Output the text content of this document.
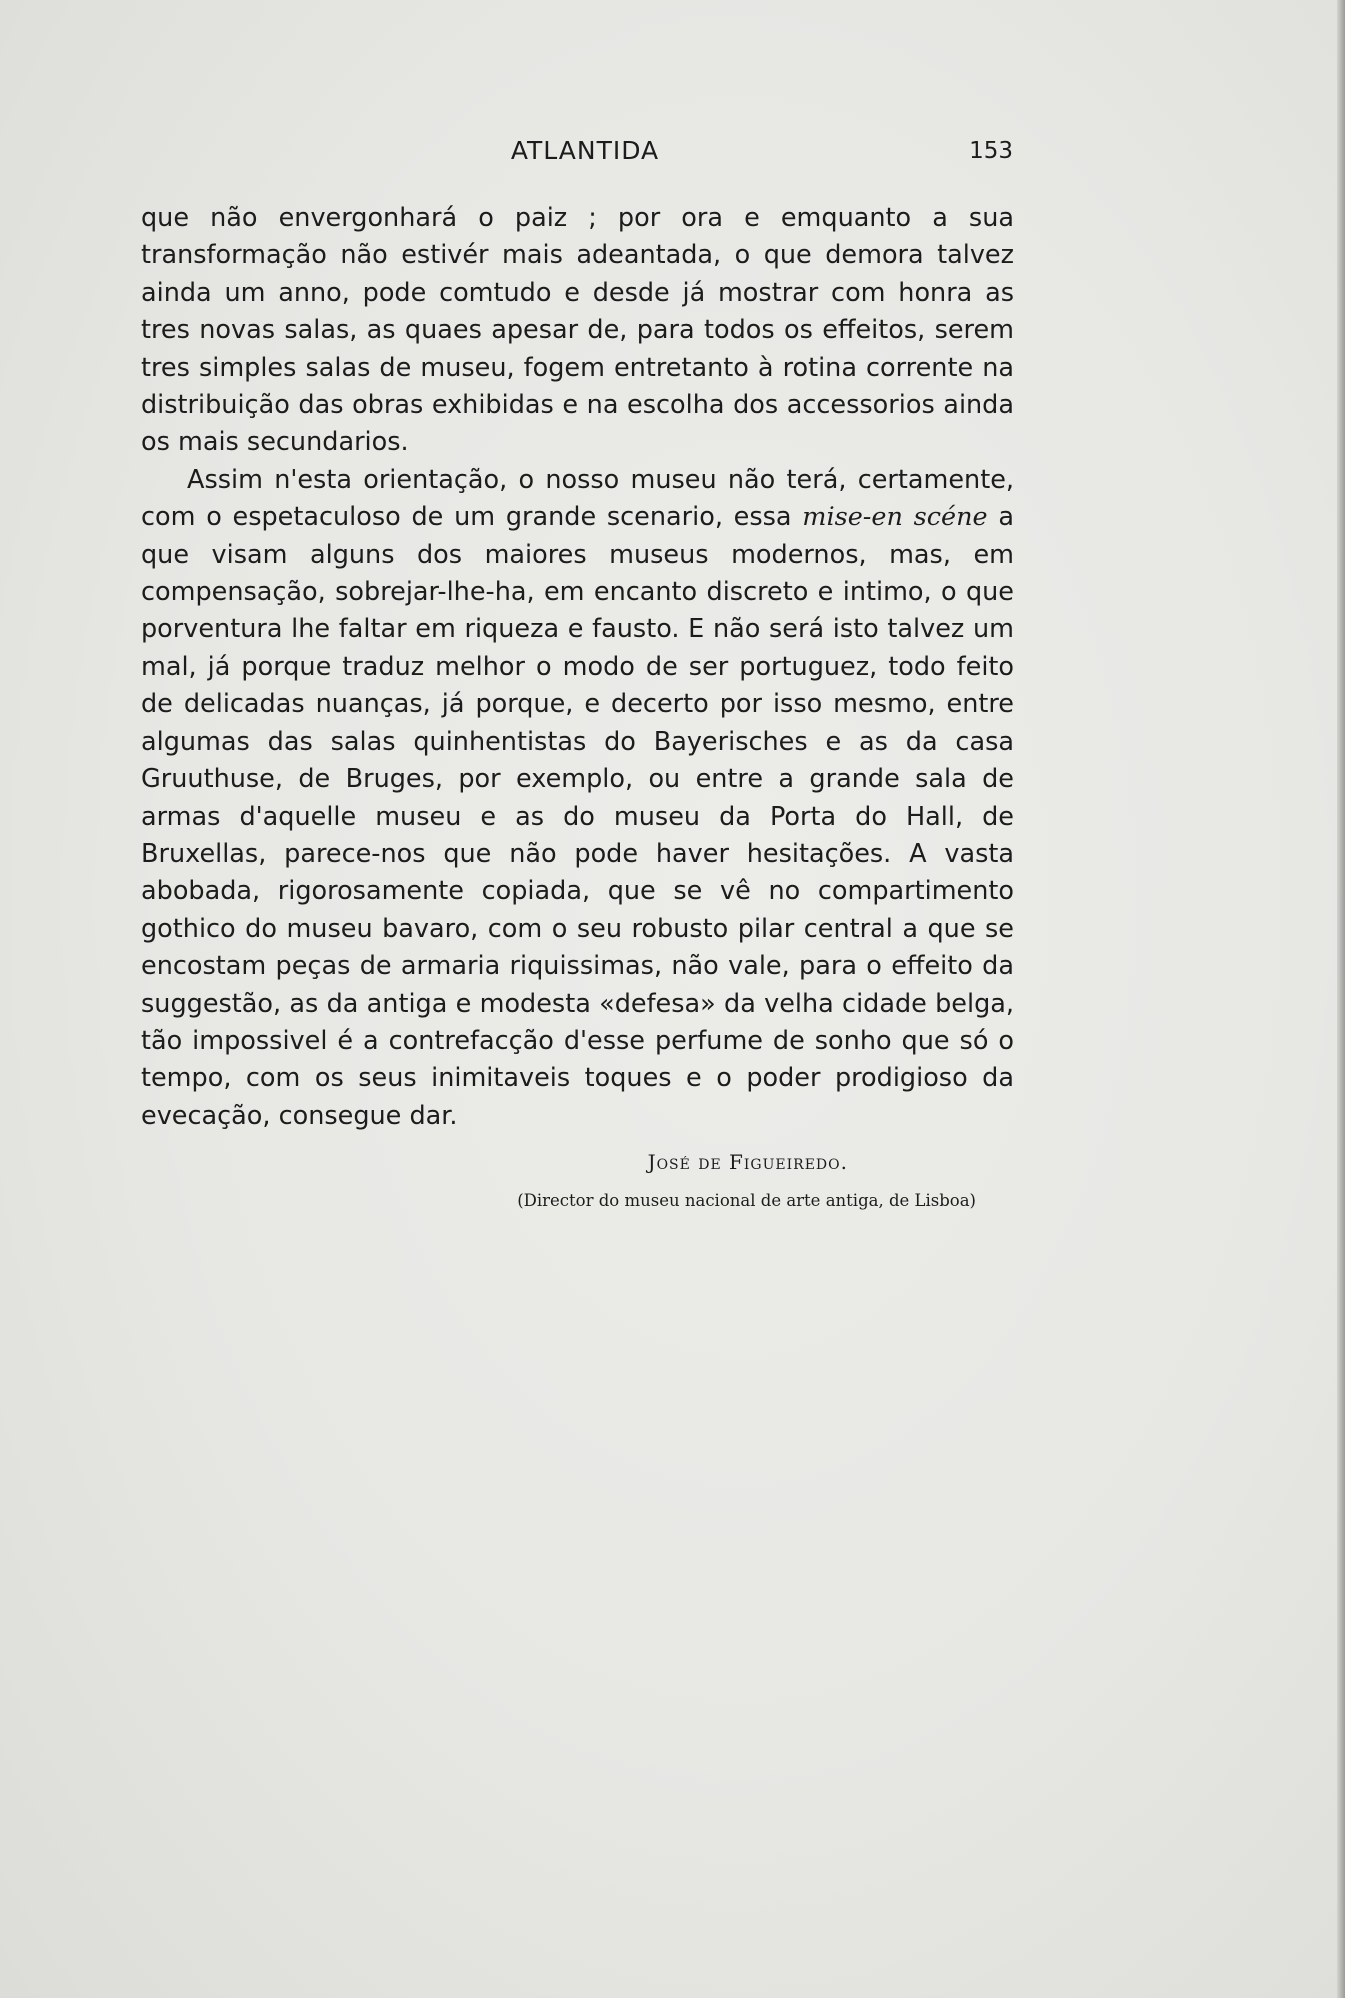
ATLANTIDA	153

que não envergonhará o paiz ; por ora e emquanto a sua transformação não estivér mais adeantada, o que demora talvez ainda um anno, pode comtudo e desde já mostrar com honra as tres novas salas, as quaes apesar de, para todos os effeitos, serem tres simples salas de museu, fogem entretanto à rotina corrente na distribuição das obras exhibidas e na escolha dos accessorios ainda os mais secundarios.

Assim n'esta orientação, o nosso museu não terá, certamente, com o espetaculoso de um grande scenario, essa mise-en scéne a que visam alguns dos maiores museus modernos, mas, em compensação, sobrejar-lhe-ha, em encanto discreto e intimo, o que porventura lhe faltar em riqueza e fausto. E não será isto talvez um mal, já porque traduz melhor o modo de ser portuguez, todo feito de delicadas nuanças, já porque, e decerto por isso mesmo, entre algumas das salas quinhentistas do Bayerisches e as da casa Gruuthuse, de Bruges, por exemplo, ou entre a grande sala de armas d'aquelle museu e as do museu da Porta do Hall, de Bruxellas, parece-nos que não pode haver hesitações. A vasta abobada, rigorosamente copiada, que se vê no compartimento gothico do museu bavaro, com o seu robusto pilar central a que se encostam peças de armaria riquissimas, não vale, para o effeito da suggestão, as da antiga e modesta «defesa» da velha cidade belga, tão impossivel é a contrefacção d'esse perfume de sonho que só o tempo, com os seus inimitaveis toques e o poder prodigioso da evecação, consegue dar.

José de Figueiredo.
(Director do museu nacional de arte antiga, de Lisboa)
